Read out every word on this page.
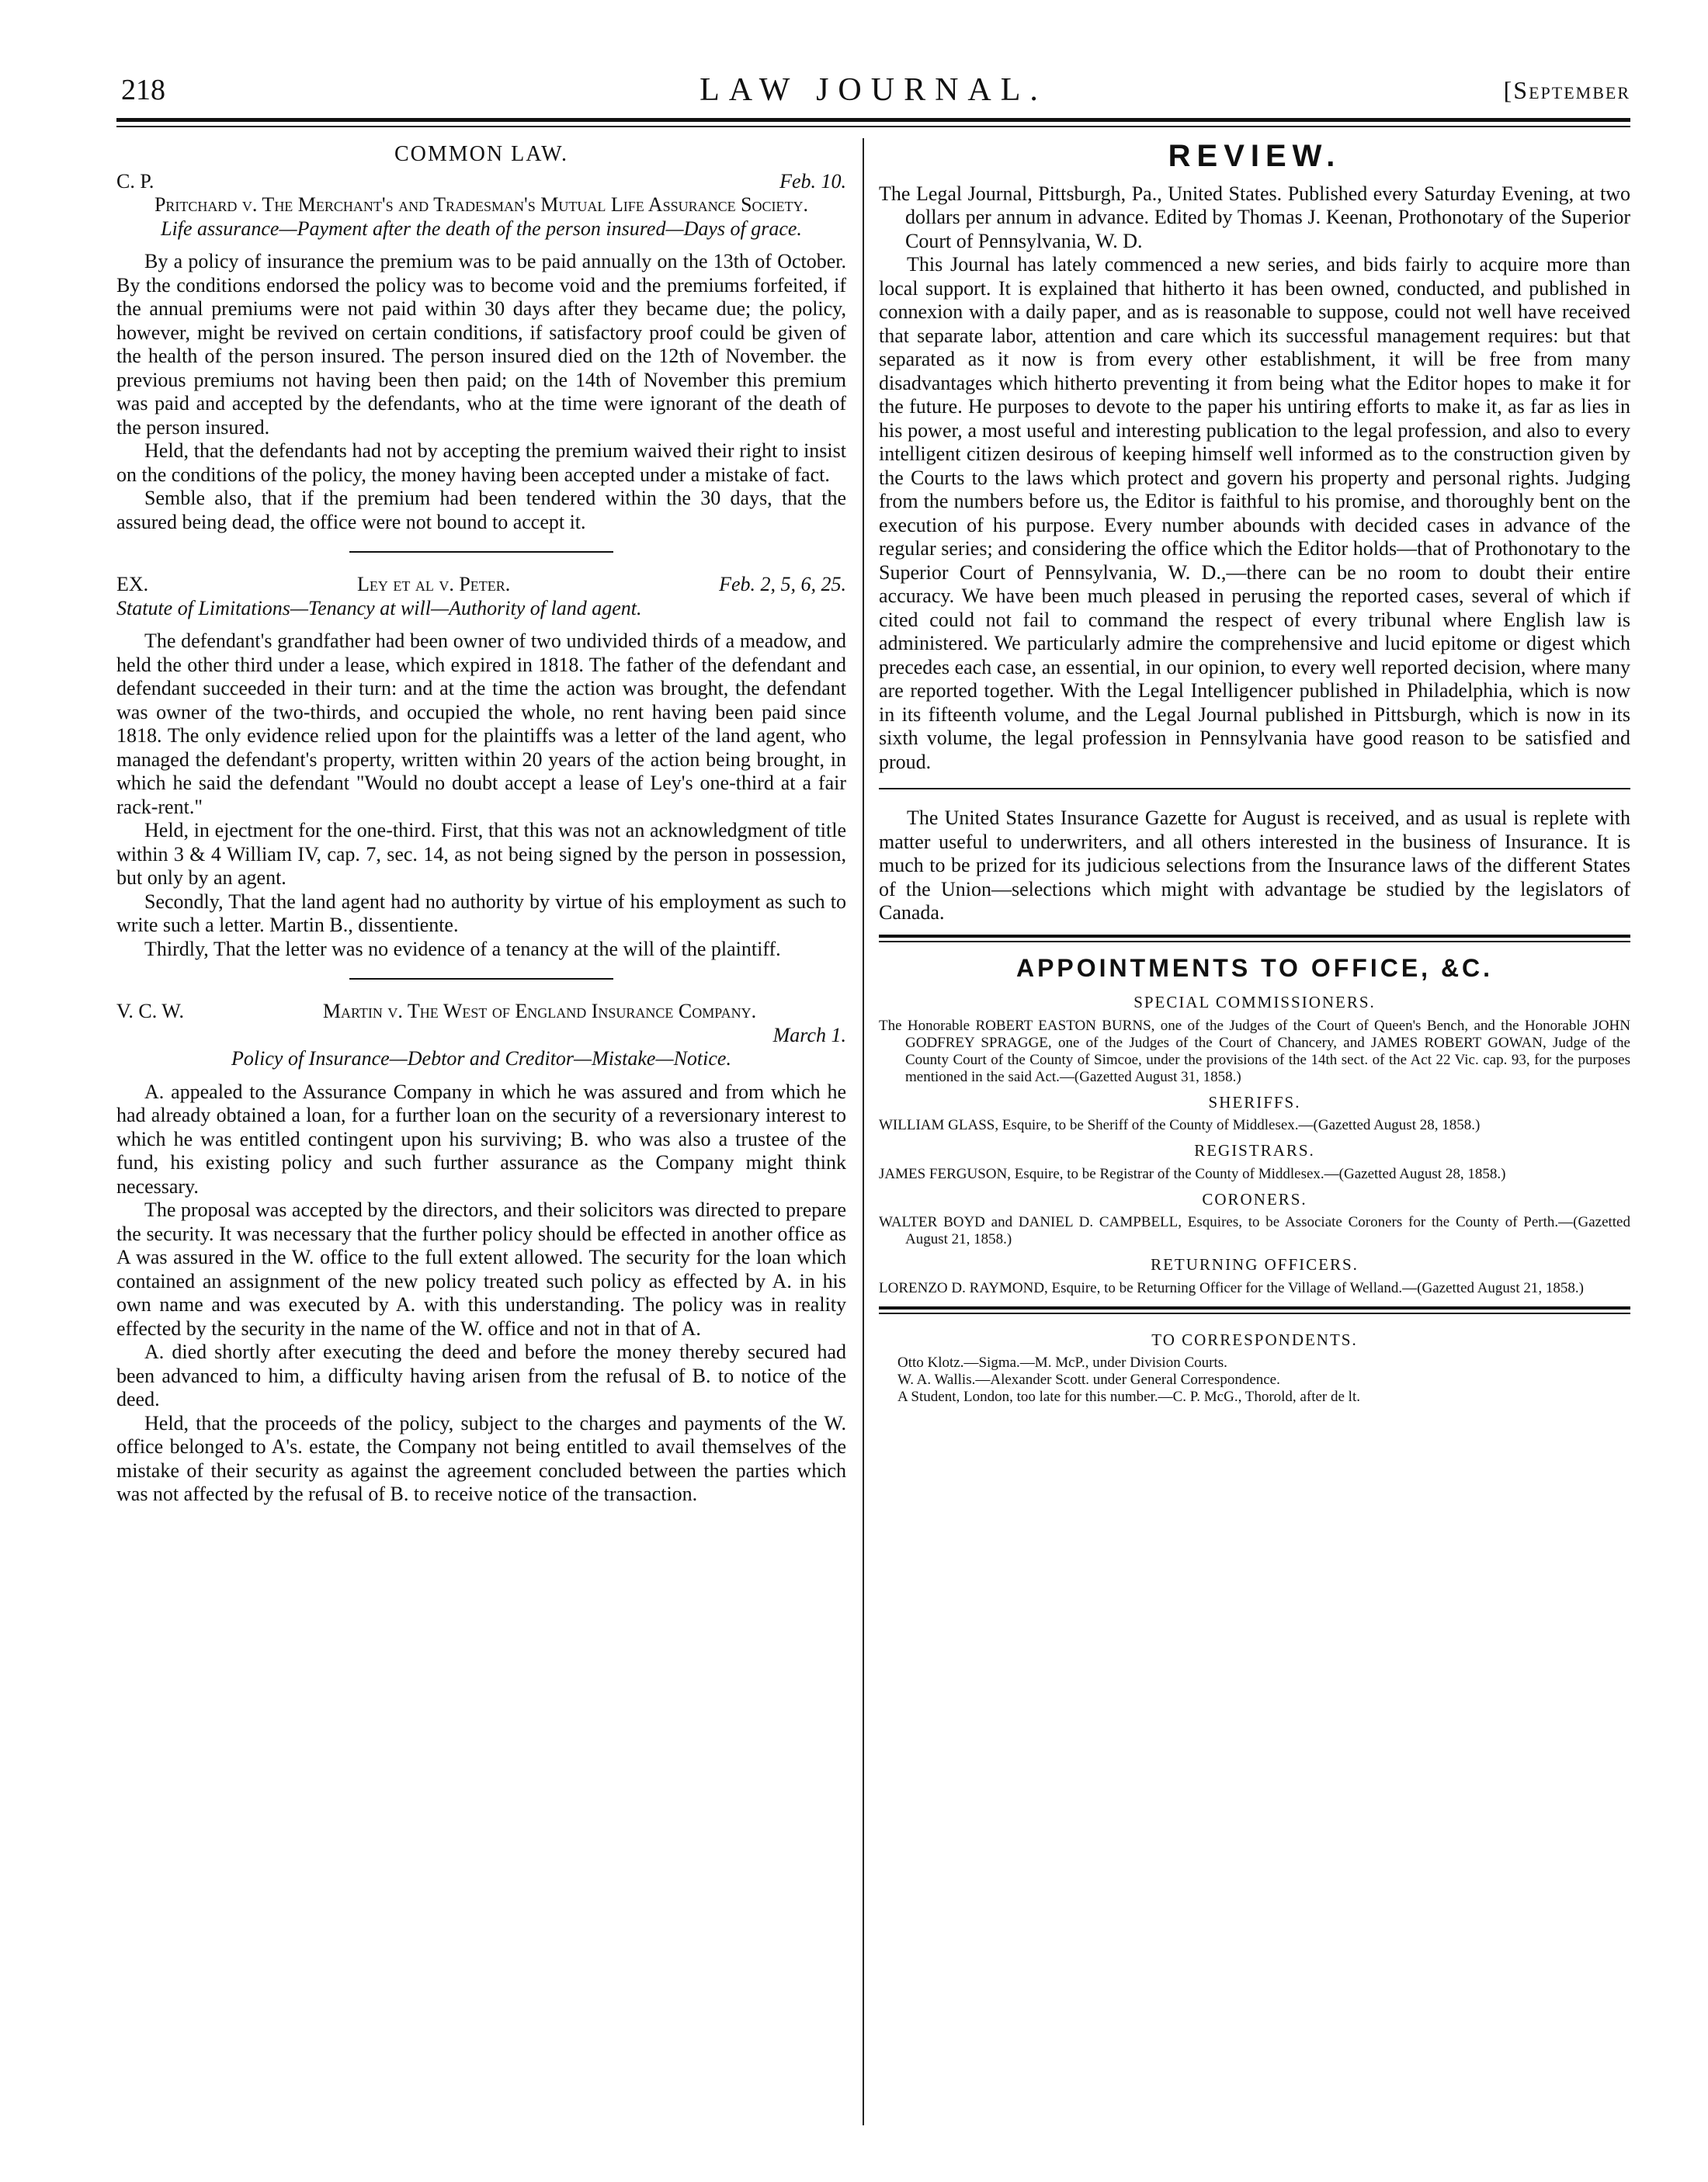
218	LAW JOURNAL.	[September

COMMON LAW.

C. P.	Feb. 10.

Pritchard v. The Merchant's and Tradesman's Mutual Life Assurance Society.

Life assurance—Payment after the death of the person insured—Days of grace.

By a policy of insurance the premium was to be paid annually on the 13th of October. By the conditions endorsed the policy was to become void and the premiums forfeited, if the annual premiums were not paid within 30 days after they became due; the policy, however, might be revived on certain conditions, if satisfactory proof could be given of the health of the person insured. The person insured died on the 12th of November. the previous premiums not having been then paid; on the 14th of November this premium was paid and accepted by the defendants, who at the time were ignorant of the death of the person insured.

Held, that the defendants had not by accepting the premium waived their right to insist on the conditions of the policy, the money having been accepted under a mistake of fact.

Semble also, that if the premium had been tendered within the 30 days, that the assured being dead, the office were not bound to accept it.

EX.	Ley et al v. Peter.	Feb. 2, 5, 6, 25.

Statute of Limitations—Tenancy at will—Authority of land agent.

The defendant's grandfather had been owner of two undivided thirds of a meadow, and held the other third under a lease, which expired in 1818. The father of the defendant and defendant succeeded in their turn: and at the time the action was brought, the defendant was owner of the two-thirds, and occupied the whole, no rent having been paid since 1818. The only evidence relied upon for the plaintiffs was a letter of the land agent, who managed the defendant's property, written within 20 years of the action being brought, in which he said the defendant "Would no doubt accept a lease of Ley's one-third at a fair rack-rent."

Held, in ejectment for the one-third. First, that this was not an acknowledgment of title within 3 & 4 William IV, cap. 7, sec. 14, as not being signed by the person in possession, but only by an agent.

Secondly, That the land agent had no authority by virtue of his employment as such to write such a letter. Martin B., dissentiente.

Thirdly, That the letter was no evidence of a tenancy at the will of the plaintiff.

V. C. W.	Martin v. The West of England Insurance Company.

March 1.

Policy of Insurance—Debtor and Creditor—Mistake—Notice.

A. appealed to the Assurance Company in which he was assured and from which he had already obtained a loan, for a further loan on the security of a reversionary interest to which he was entitled contingent upon his surviving; B. who was also a trustee of the fund, his existing policy and such further assurance as the Company might think necessary.

The proposal was accepted by the directors, and their solicitors was directed to prepare the security. It was necessary that the further policy should be effected in another office as A was assured in the W. office to the full extent allowed. The security for the loan which contained an assignment of the new policy treated such policy as effected by A. in his own name and was executed by A. with this understanding. The policy was in reality effected by the security in the name of the W. office and not in that of A.

A. died shortly after executing the deed and before the money thereby secured had been advanced to him, a difficulty having arisen from the refusal of B. to notice of the deed.

Held, that the proceeds of the policy, subject to the charges and payments of the W. office belonged to A's. estate, the Company not being entitled to avail themselves of the mistake of their security as against the agreement concluded between the parties which was not affected by the refusal of B. to receive notice of the transaction.

REVIEW.

The Legal Journal, Pittsburgh, Pa., United States. Published every Saturday Evening, at two dollars per annum in advance. Edited by Thomas J. Keenan, Prothonotary of the Superior Court of Pennsylvania, W. D.

This Journal has lately commenced a new series, and bids fairly to acquire more than local support. It is explained that hitherto it has been owned, conducted, and published in connexion with a daily paper, and as is reasonable to suppose, could not well have received that separate labor, attention and care which its successful management requires: but that separated as it now is from every other establishment, it will be free from many disadvantages which hitherto preventing it from being what the Editor hopes to make it for the future. He purposes to devote to the paper his untiring efforts to make it, as far as lies in his power, a most useful and interesting publication to the legal profession, and also to every intelligent citizen desirous of keeping himself well informed as to the construction given by the Courts to the laws which protect and govern his property and personal rights. Judging from the numbers before us, the Editor is faithful to his promise, and thoroughly bent on the execution of his purpose. Every number abounds with decided cases in advance of the regular series; and considering the office which the Editor holds—that of Prothonotary to the Superior Court of Pennsylvania, W. D.,—there can be no room to doubt their entire accuracy. We have been much pleased in perusing the reported cases, several of which if cited could not fail to command the respect of every tribunal where English law is administered. We particularly admire the comprehensive and lucid epitome or digest which precedes each case, an essential, in our opinion, to every well reported decision, where many are reported together. With the Legal Intelligencer published in Philadelphia, which is now in its fifteenth volume, and the Legal Journal published in Pittsburgh, which is now in its sixth volume, the legal profession in Pennsylvania have good reason to be satisfied and proud.

The United States Insurance Gazette for August is received, and as usual is replete with matter useful to underwriters, and all others interested in the business of Insurance. It is much to be prized for its judicious selections from the Insurance laws of the different States of the Union—selections which might with advantage be studied by the legislators of Canada.

APPOINTMENTS TO OFFICE, &C.

SPECIAL COMMISSIONERS.

The Honorable ROBERT EASTON BURNS, one of the Judges of the Court of Queen's Bench, and the Honorable JOHN GODFREY SPRAGGE, one of the Judges of the Court of Chancery, and JAMES ROBERT GOWAN, Judge of the County Court of the County of Simcoe, under the provisions of the 14th sect. of the Act 22 Vic. cap. 93, for the purposes mentioned in the said Act.—(Gazetted August 31, 1858.)

SHERIFFS.

WILLIAM GLASS, Esquire, to be Sheriff of the County of Middlesex.—(Gazetted August 28, 1858.)

REGISTRARS.

JAMES FERGUSON, Esquire, to be Registrar of the County of Middlesex.—(Gazetted August 28, 1858.)

CORONERS.

WALTER BOYD and DANIEL D. CAMPBELL, Esquires, to be Associate Coroners for the County of Perth.—(Gazetted August 21, 1858.)

RETURNING OFFICERS.

LORENZO D. RAYMOND, Esquire, to be Returning Officer for the Village of Welland.—(Gazetted August 21, 1858.)

TO CORRESPONDENTS.

Otto Klotz.—Sigma.—M. McP., under Division Courts.

W. A. Wallis.—Alexander Scott. under General Correspondence.

A Student, London, too late for this number.—C. P. McG., Thorold, after de lt.
